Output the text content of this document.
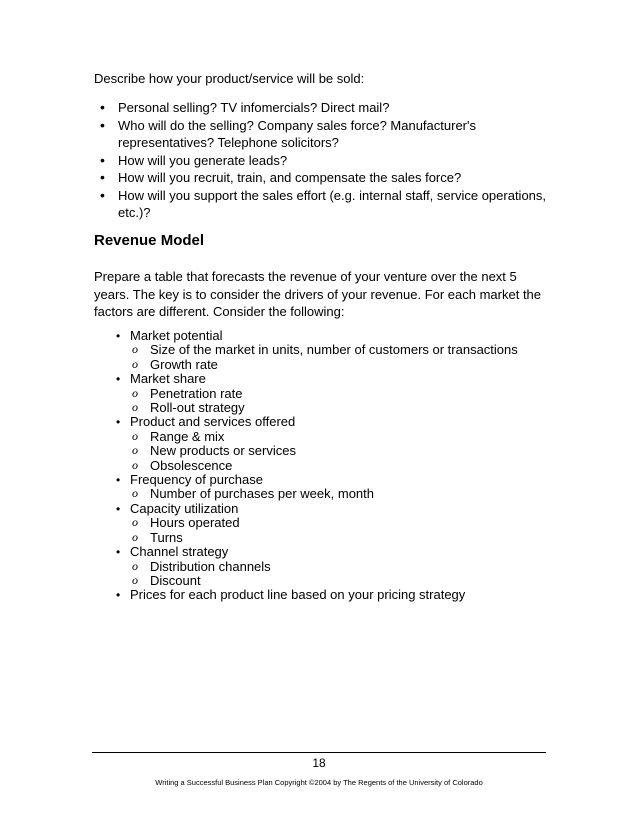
Describe how your product/service will be sold:
• Personal selling? TV infomercials? Direct mail?
• Who will do the selling? Company sales force? Manufacturer's representatives? Telephone solicitors?
• How will you generate leads?
• How will you recruit, train, and compensate the sales force?
• How will you support the sales effort (e.g. internal staff, service operations, etc.)?
Revenue Model
Prepare a table that forecasts the revenue of your venture over the next 5 years. The key is to consider the drivers of your revenue. For each market the factors are different. Consider the following:
• Market potential
o Size of the market in units, number of customers or transactions
o Growth rate
• Market share
o Penetration rate
o Roll-out strategy
• Product and services offered
o Range & mix
o New products or services
o Obsolescence
• Frequency of purchase
o Number of purchases per week, month
• Capacity utilization
o Hours operated
o Turns
• Channel strategy
o Distribution channels
o Discount
• Prices for each product line based on your pricing strategy
18
Writing a Successful Business Plan Copyright ©2004 by The Regents of the University of Colorado
